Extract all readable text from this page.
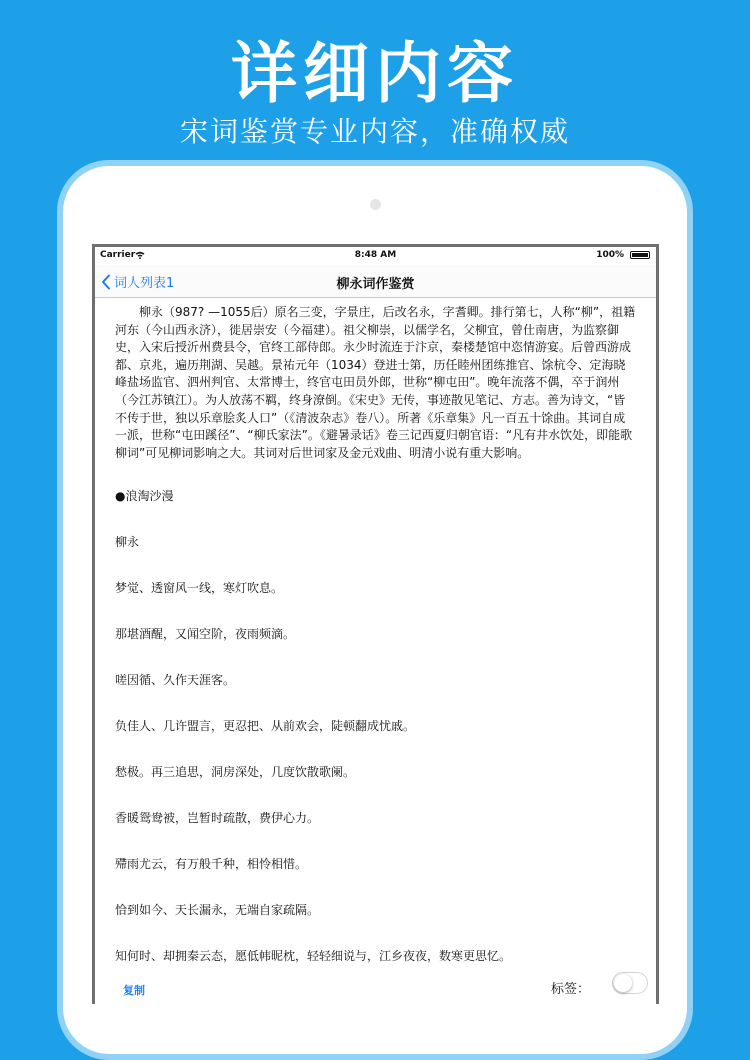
详细内容
宋词鉴赏专业内容，准确权威
Carrier	8:48 AM	100%
词人列表1	柳永词作鉴赏

柳永（987? —1055后）原名三变，字景庄，后改名永，字耆卿。排行第七，人称“柳”，祖籍河东（今山西永济），徙居崇安（今福建）。祖父柳崇，以儒学名，父柳宜，曾仕南唐，为监察御史，入宋后授沂州费县令，官终工部侍郎。永少时流连于汴京，秦楼楚馆中恣情游宴。后曾西游成都、京兆，遍历荆湖、吴越。景祐元年（1034）登进士第，历任睦州团练推官、馀杭令、定海晓峰盐场监官、泗州判官、太常博士，终官屯田员外郎，世称“柳屯田”。晚年流落不偶，卒于润州（今江苏镇江）。为人放荡不羁，终身潦倒。《宋史》无传，事迹散见笔记、方志。善为诗文，“皆不传于世，独以乐章脍炙人口”（《清波杂志》卷八）。所著《乐章集》凡一百五十馀曲。其词自成一派，世称“屯田蹊径”、“柳氏家法”。《避暑录话》卷三记西夏归朝官语：“凡有井水饮处，即能歌柳词”可见柳词影响之大。其词对后世词家及金元戏曲、明清小说有重大影响。

●浪淘沙漫

柳永

梦觉、透窗风一线，寒灯吹息。

那堪酒醒，又闻空阶，夜雨频滴。

嗟因循、久作天涯客。

负佳人、几许盟言，更忍把、从前欢会，陡顿翻成忧戚。

愁极。再三追思，洞房深处，几度饮散歌阑。

香暖鸳鸯被，岂暂时疏散，费伊心力。

殢雨尤云，有万般千种，相怜相惜。

恰到如今、天长漏永，无端自家疏隔。

知何时、却拥秦云态，愿低帏昵枕，轻轻细说与，江乡夜夜，数寒更思忆。

复制	标签：
